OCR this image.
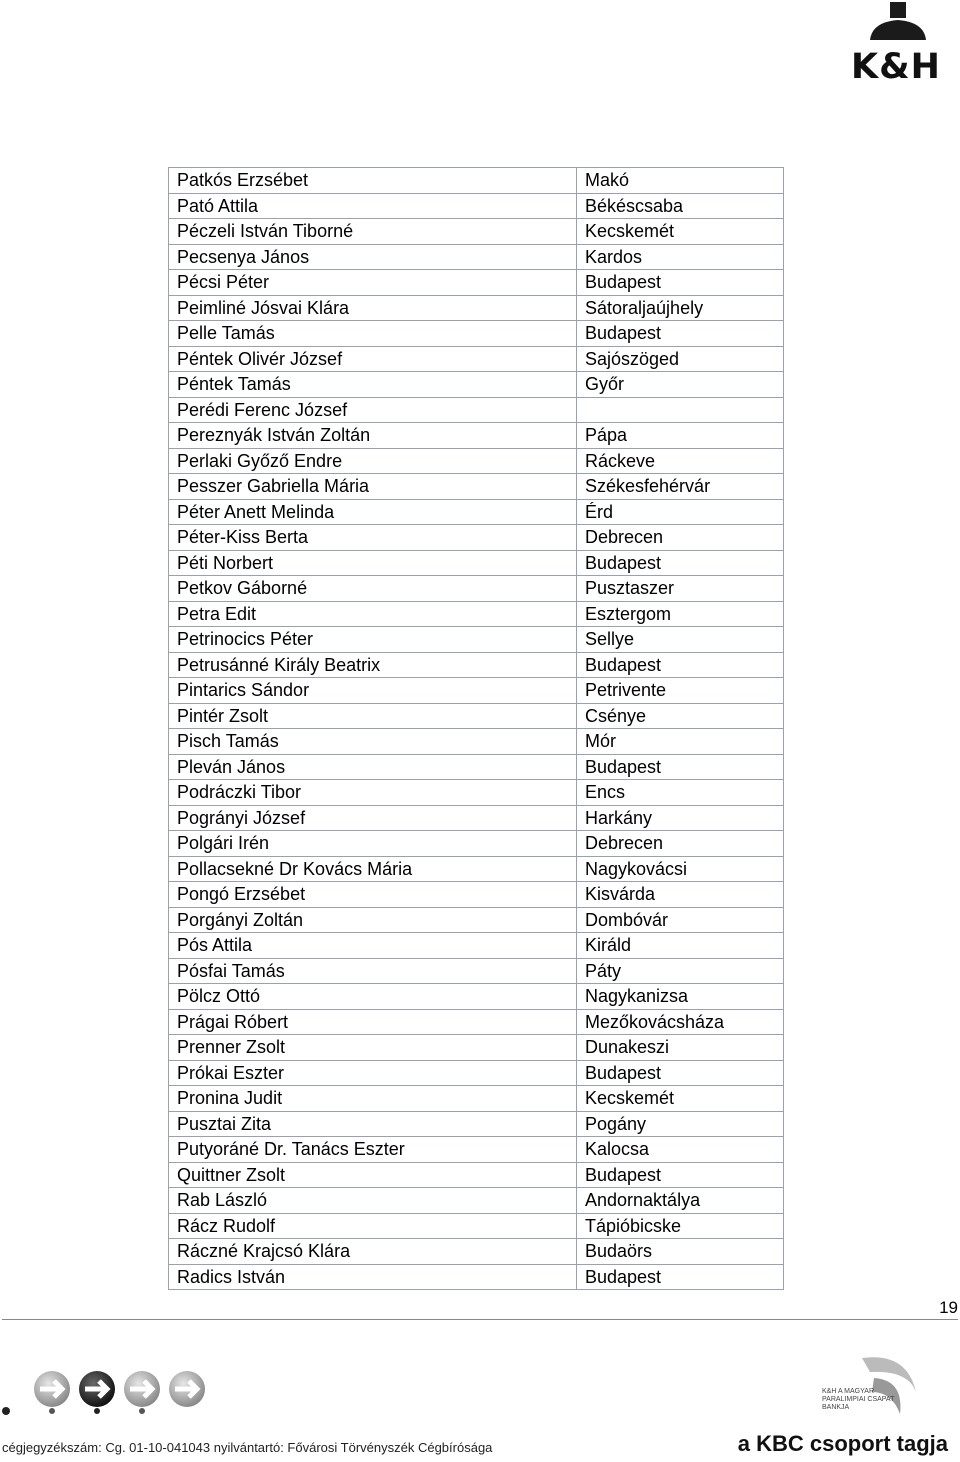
K&H
Patkós Erzsébet	Makó
Pató Attila	Békéscsaba
Péczeli István Tiborné	Kecskemét
Pecsenya János	Kardos
Pécsi Péter	Budapest
Peimliné Jósvai Klára	Sátoraljaújhely
Pelle Tamás	Budapest
Péntek Olivér József	Sajószöged
Péntek Tamás	Győr
Perédi Ferenc József
Pereznyák István Zoltán	Pápa
Perlaki Győző Endre	Ráckeve
Pesszer Gabriella Mária	Székesfehérvár
Péter Anett Melinda	Érd
Péter-Kiss Berta	Debrecen
Péti Norbert	Budapest
Petkov Gáborné	Pusztaszer
Petra Edit	Esztergom
Petrinocics Péter	Sellye
Petrusánné Király Beatrix	Budapest
Pintarics Sándor	Petrivente
Pintér Zsolt	Csénye
Pisch Tamás	Mór
Pleván János	Budapest
Podráczki Tibor	Encs
Pogrányi József	Harkány
Polgári Irén	Debrecen
Pollacsekné Dr Kovács Mária	Nagykovácsi
Pongó Erzsébet	Kisvárda
Porgányi Zoltán	Dombóvár
Pós Attila	Királd
Pósfai Tamás	Páty
Pölcz Ottó	Nagykanizsa
Prágai Róbert	Mezőkovácsháza
Prenner Zsolt	Dunakeszi
Prókai Eszter	Budapest
Pronina Judit	Kecskemét
Pusztai Zita	Pogány
Putyoráné Dr. Tanács Eszter	Kalocsa
Quittner Zsolt	Budapest
Rab László	Andornaktálya
Rácz Rudolf	Tápióbicske
Ráczné Krajcsó Klára	Budaörs
Radics István	Budapest
19
K&H A MAGYAR PARALIMPIAI CSAPAT BANKJA
cégjegyzékszám: Cg. 01-10-041043 nyilvántartó: Fővárosi Törvényszék Cégbírósága	a KBC csoport tagja
